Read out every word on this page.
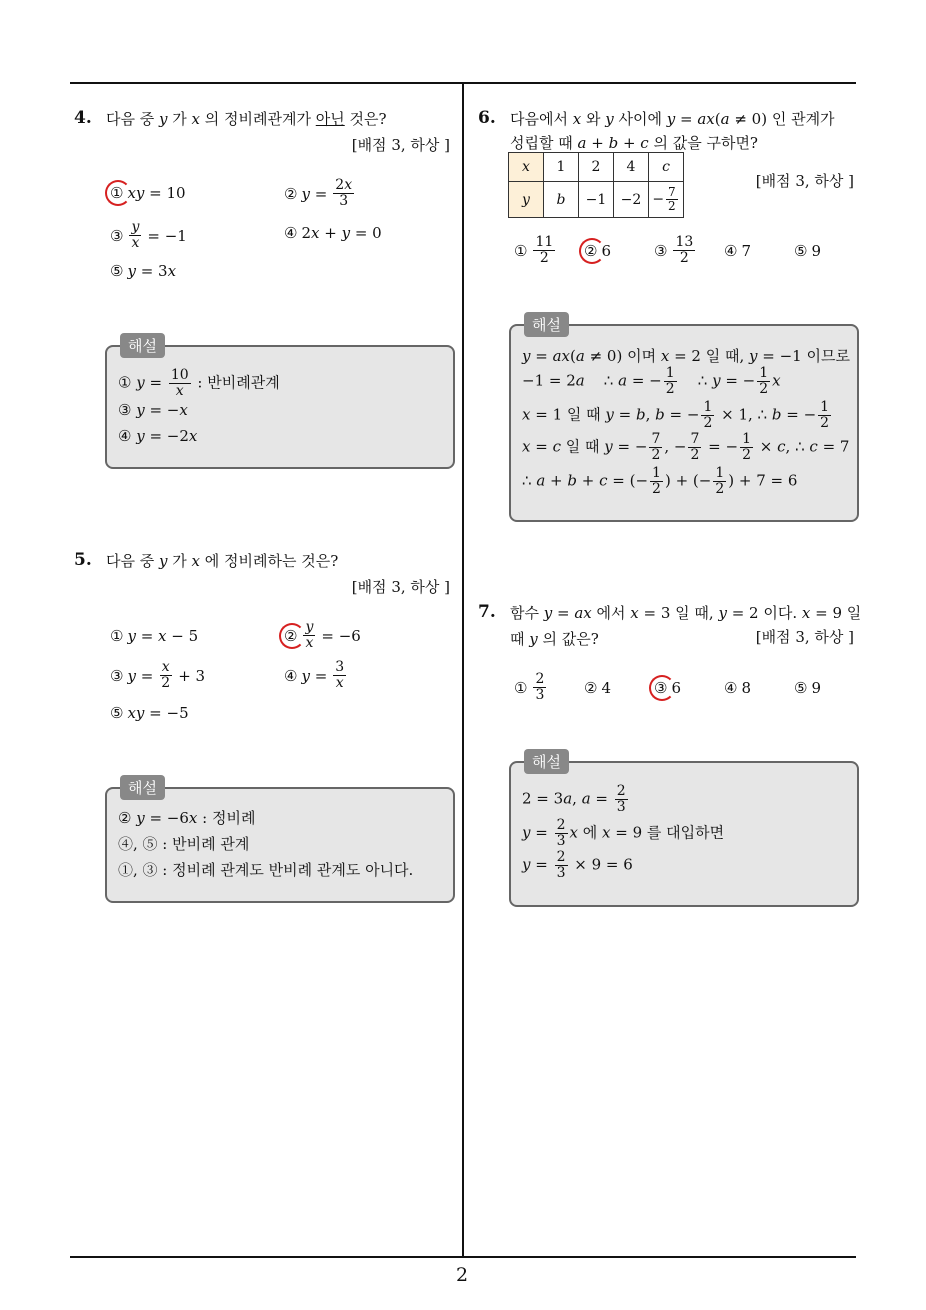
2
4. 다음 중 y 가 x 의 정비례관계가 아닌 것은?
[배점 3, 하상 ]
① xy = 10	② $y = \frac{2x}{3}$
③ $\frac{y}{x} = -1$	④ 2x + y = 0
⑤ y = 3x
해설
① $y = \frac{10}{x}$ : 반비례관계
③ y = −x
④ y = −2x
5. 다음 중 y 가 x 에 정비례하는 것은?
[배점 3, 하상 ]
① y = x − 5	② $\frac{y}{x} = -6$
③ $y = \frac{x}{2} + 3$	④ $y = \frac{3}{x}$
⑤ xy = −5
해설
② y = −6x : 정비례
④, ⑤ : 반비례 관계
①, ③ : 정비례 관계도 반비례 관계도 아니다.
6. 다음에서 x 와 y 사이에 y = ax(a ≠ 0) 인 관계가
성립할 때 a + b + c 의 값을 구하면?
x	1	2	4	c
y	b	−1	−2	− $\frac{7}{2}$
[배점 3, 하상 ]
① $\frac{11}{2}$ ② 6	③ $\frac{13}{2}$ ④ 7	⑤ 9
해설
y = ax(a ≠ 0) 이며 x = 2 일 때, y = −1 이므로
−1 = 2a    ∴ a = − $\frac{1}{2}$ ∴ y = − $\frac{1}{2}$ x
x = 1 일 때 y = b, b = − $\frac{1}{2} \times 1$, ∴ b = − $\frac{1}{2}$
x = c 일 때 y = − $\frac{7}{2}$ , − $\frac{7}{2}$ = − $\frac{1}{2} \times c$, ∴ c = 7
∴ a + b + c = (− $\frac{1}{2}$ ) + (− $\frac{1}{2}$ ) + 7 = 6
7. 함수 y = ax 에서 x = 3 일 때, y = 2 이다. x = 9 일
때 y 의 값은?	[배점 3, 하상 ]
① $\frac{2}{3}$	② 4	③ 6	④ 8	⑤ 9
해설
2 = 3a, $a = \frac{2}{3}$
$y = \frac{2}{3}$ x 에 x = 9 를 대입하면
$y = \frac{2}{3} \times 9 = 6$
